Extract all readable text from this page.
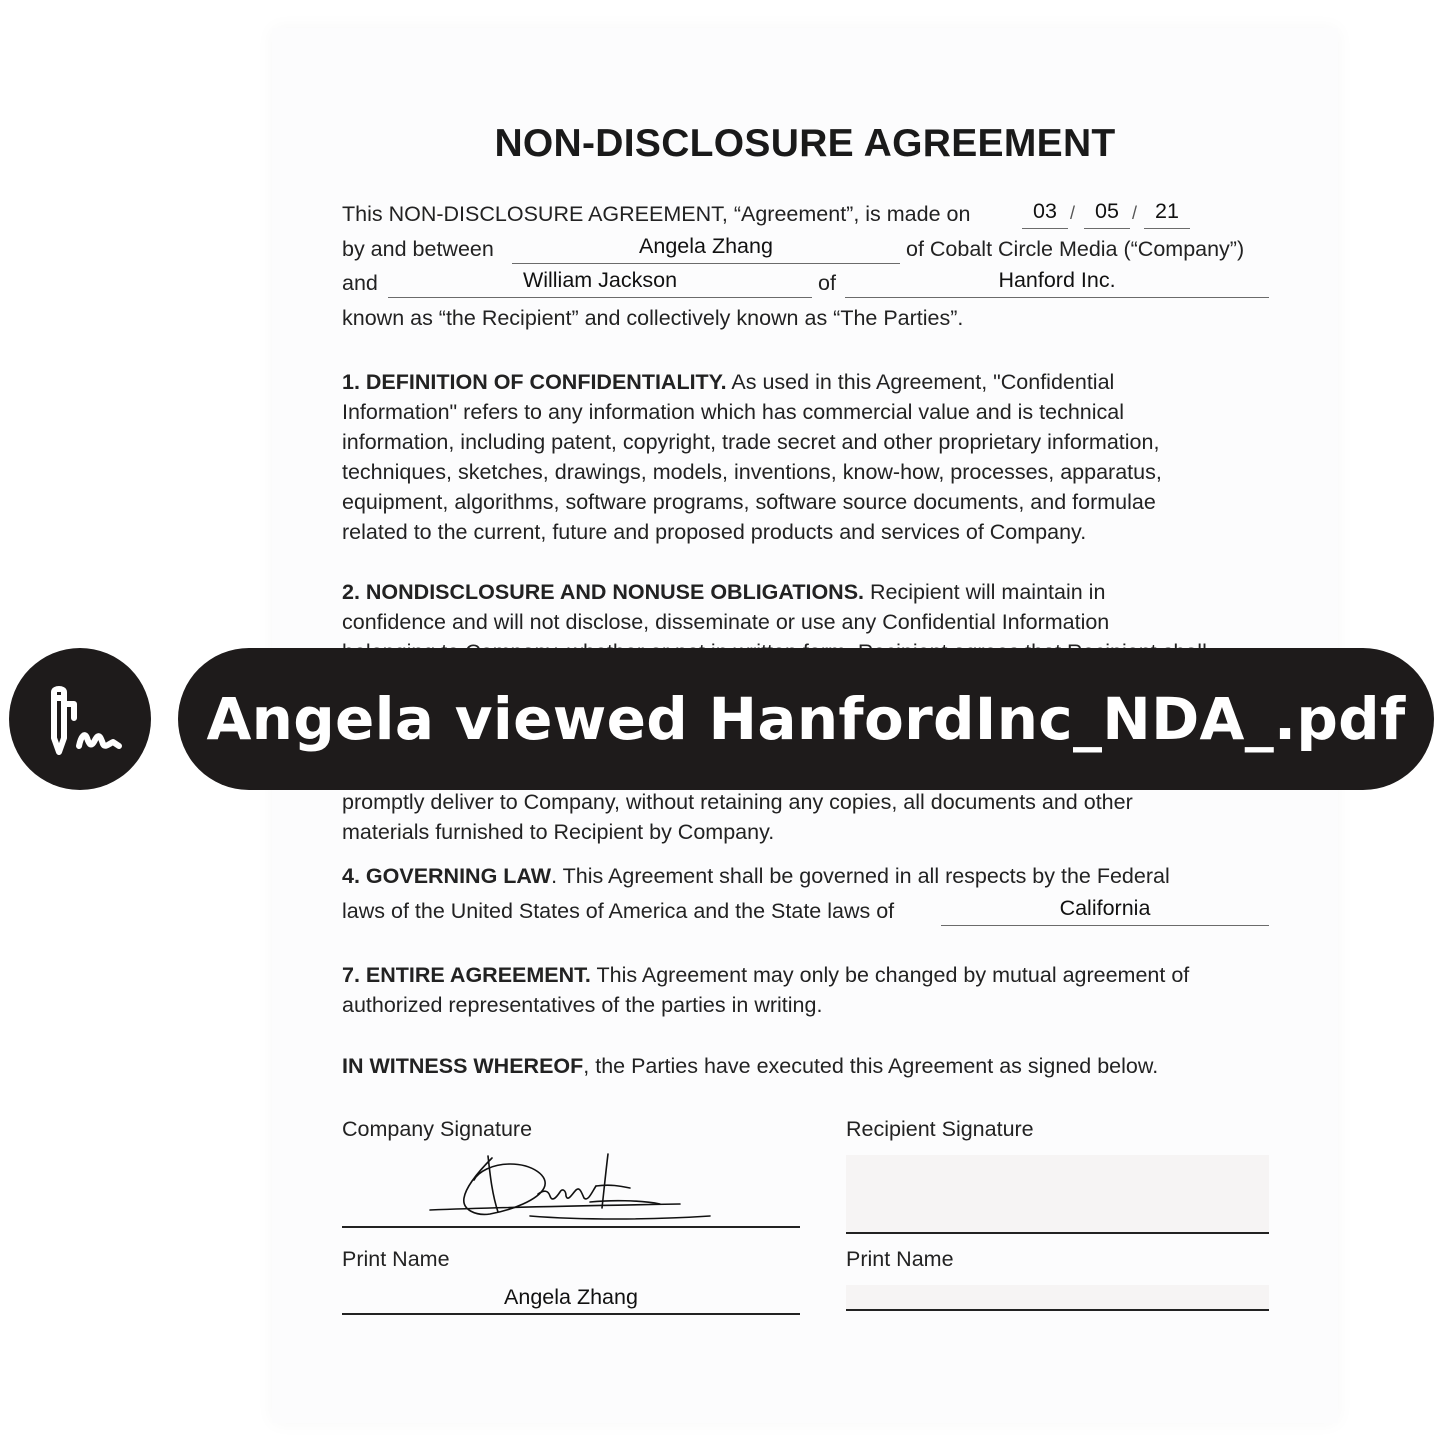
NON-DISCLOSURE AGREEMENT
This NON-DISCLOSURE AGREEMENT, “Agreement”, is made on	03 / 05 / 21
by and between	Angela Zhang	of Cobalt Circle Media (“Company”)
and	William Jackson	of	Hanford Inc.
known as “the Recipient” and collectively known as “The Parties”.
1. DEFINITION OF CONFIDENTIALITY. As used in this Agreement, "Confidential
Information" refers to any information which has commercial value and is technical
information, including patent, copyright, trade secret and other proprietary information,
techniques, sketches, drawings, models, inventions, know-how, processes, apparatus,
equipment, algorithms, software programs, software source documents, and formulae
related to the current, future and proposed products and services of Company.
2. NONDISCLOSURE AND NONUSE OBLIGATIONS. Recipient will maintain in
confidence and will not disclose, disseminate or use any Confidential Information

promptly deliver to Company, without retaining any copies, all documents and other
materials furnished to Recipient by Company.
4. GOVERNING LAW. This Agreement shall be governed in all respects by the Federal
laws of the United States of America and the State laws of	California
7. ENTIRE AGREEMENT. This Agreement may only be changed by mutual agreement of
authorized representatives of the parties in writing.
IN WITNESS WHEREOF, the Parties have executed this Agreement as signed below.
Company Signature	Recipient Signature
Print Name	Print Name
Angela Zhang
Angela viewed HanfordInc_NDA_.pdf
